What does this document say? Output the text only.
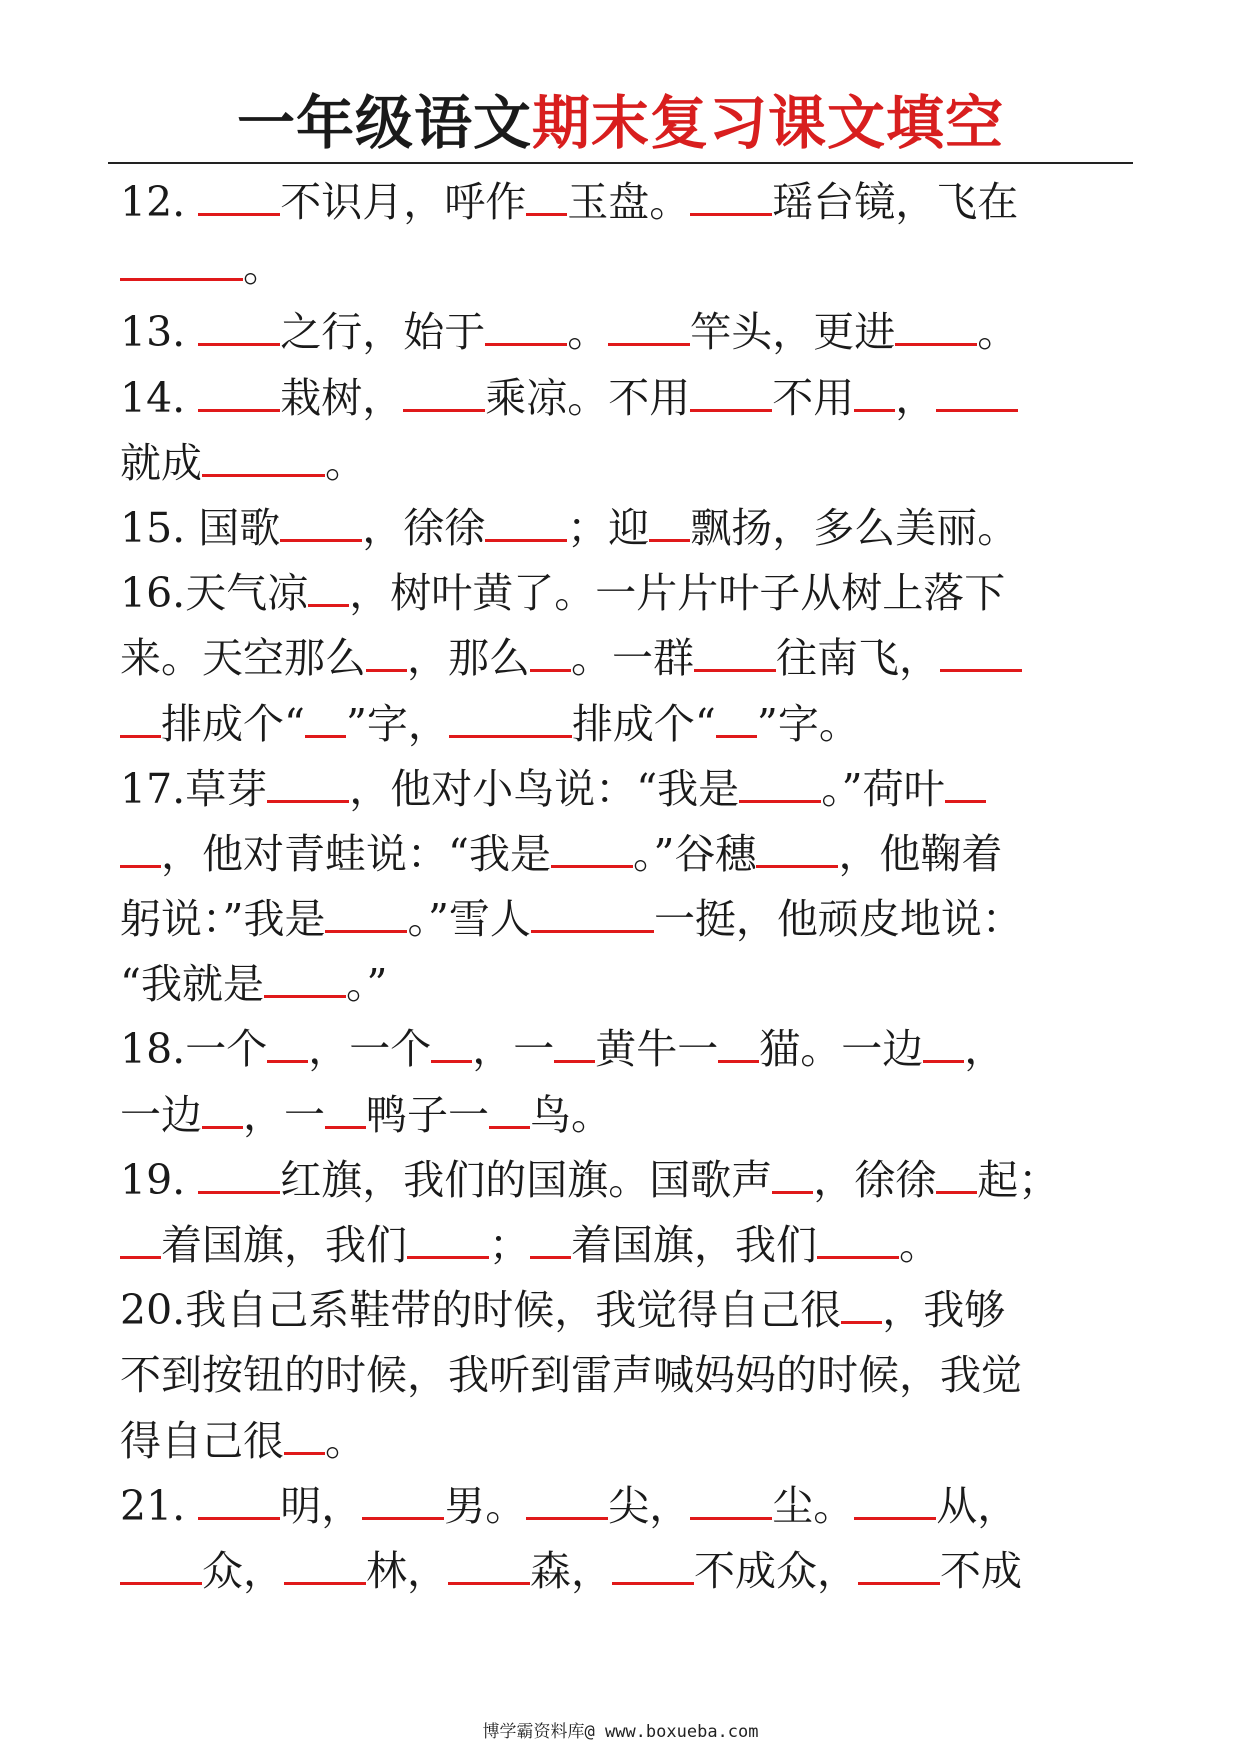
一年级语文期末复习课文填空
12. 不识月，呼作 玉盘。 瑶台镜，飞在
。
13. 之行，始于 。 竿头，更进 。
14. 栽树， 乘凉。不用 不用 ，
就成	。
15. 国歌 ，徐徐 ；迎 飘扬，多么美丽。
16.天气凉 ，树叶黄了。一片片叶子从树上落下
来。天空那么 ，那么 。一群 往南飞，
排成个“ ”字，	排成个“ ”字。
17.草芽 ，他对小鸟说：“我是 。”荷叶
，他对青蛙说：“我是 。”谷穗 ，他鞠着
躬说：”我是 。”雪人	一挺，他顽皮地说：
“我就是 。”
18.一个 ，一个 ，一 黄牛一 猫。一边 ，
一边 ，一 鸭子一 鸟。
19. 红旗，我们的国旗。国歌声 ，徐徐 起；
着国旗，我们 ； 着国旗，我们 。
20.我自己系鞋带的时候，我觉得自己很 ，我够
不到按钮的时候，我听到雷声喊妈妈的时候，我觉
得自己很 。
21. 明， 男。 尖， 尘。 从，
众， 林， 森， 不成众， 不成
博学霸资料库@ www.boxueba.com
